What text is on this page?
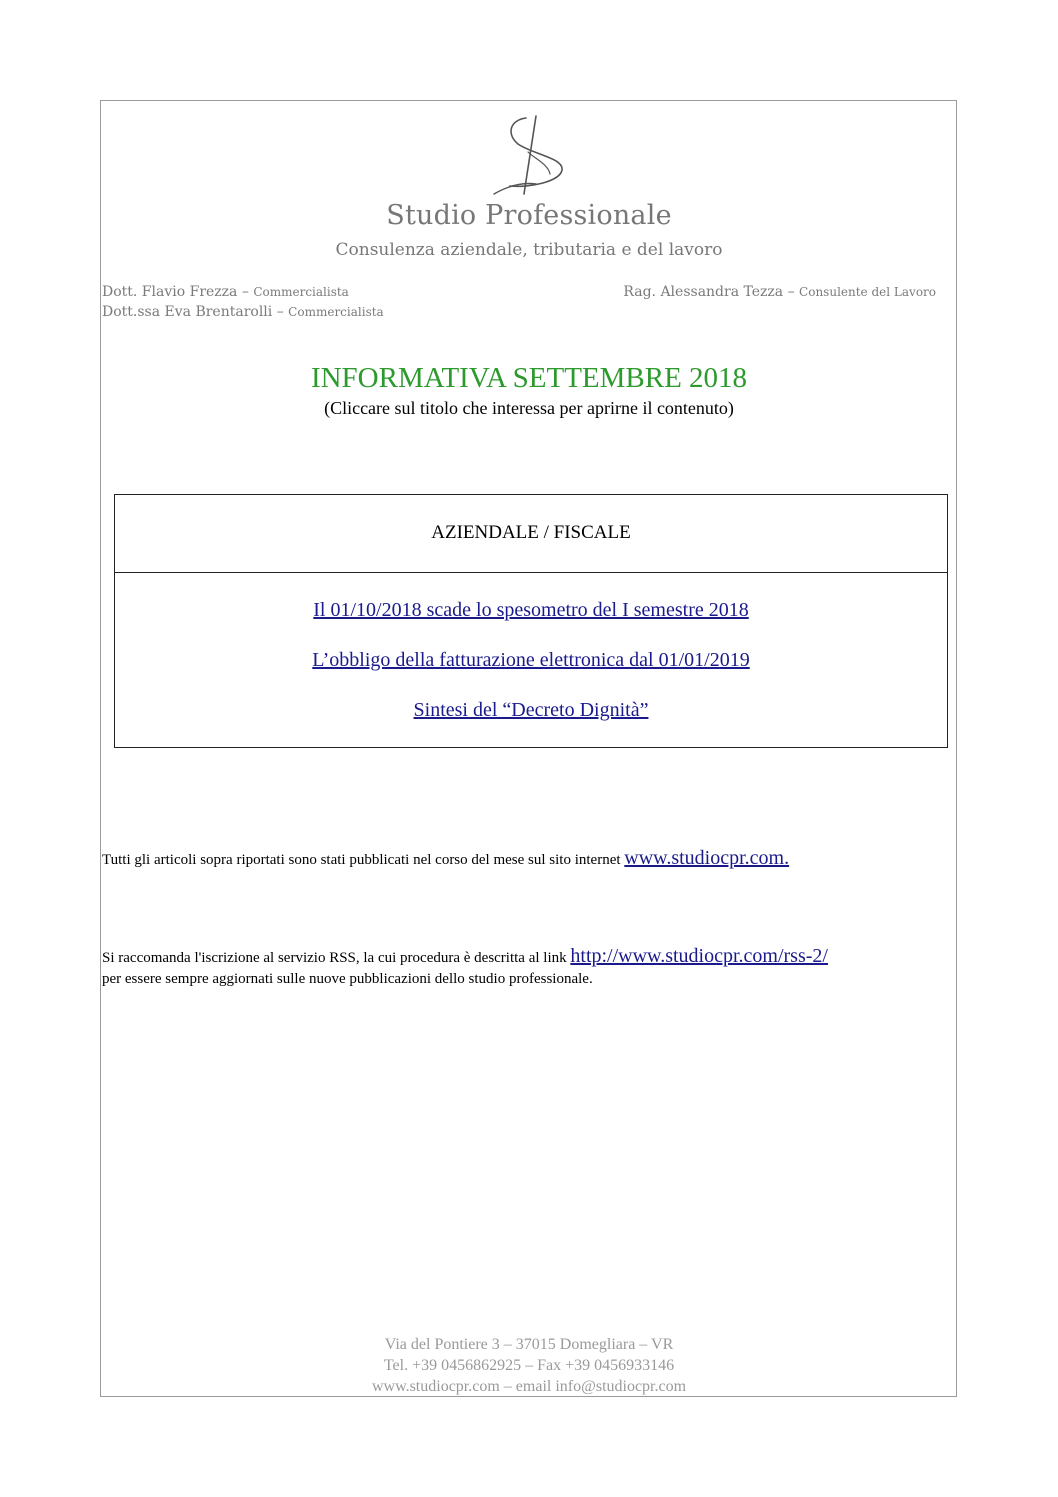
Studio Professionale
Consulenza aziendale, tributaria e del lavoro
Dott. Flavio Frezza – Commercialista
Dott.ssa Eva Brentarolli – Commercialista
Rag. Alessandra Tezza – Consulente del Lavoro
INFORMATIVA SETTEMBRE 2018
(Cliccare sul titolo che interessa per aprirne il contenuto)
AZIENDALE / FISCALE
Il 01/10/2018 scade lo spesometro del I semestre 2018
L’obbligo della fatturazione elettronica dal 01/01/2019
Sintesi del “Decreto Dignità”
Tutti gli articoli sopra riportati sono stati pubblicati nel corso del mese sul sito internet www.studiocpr.com.
Si raccomanda l'iscrizione al servizio RSS, la cui procedura è descritta al link http://www.studiocpr.com/rss-2/
per essere sempre aggiornati sulle nuove pubblicazioni dello studio professionale.
Via del Pontiere 3 – 37015 Domegliara – VR
Tel. +39 0456862925 – Fax +39 0456933146
www.studiocpr.com – email info@studiocpr.com
